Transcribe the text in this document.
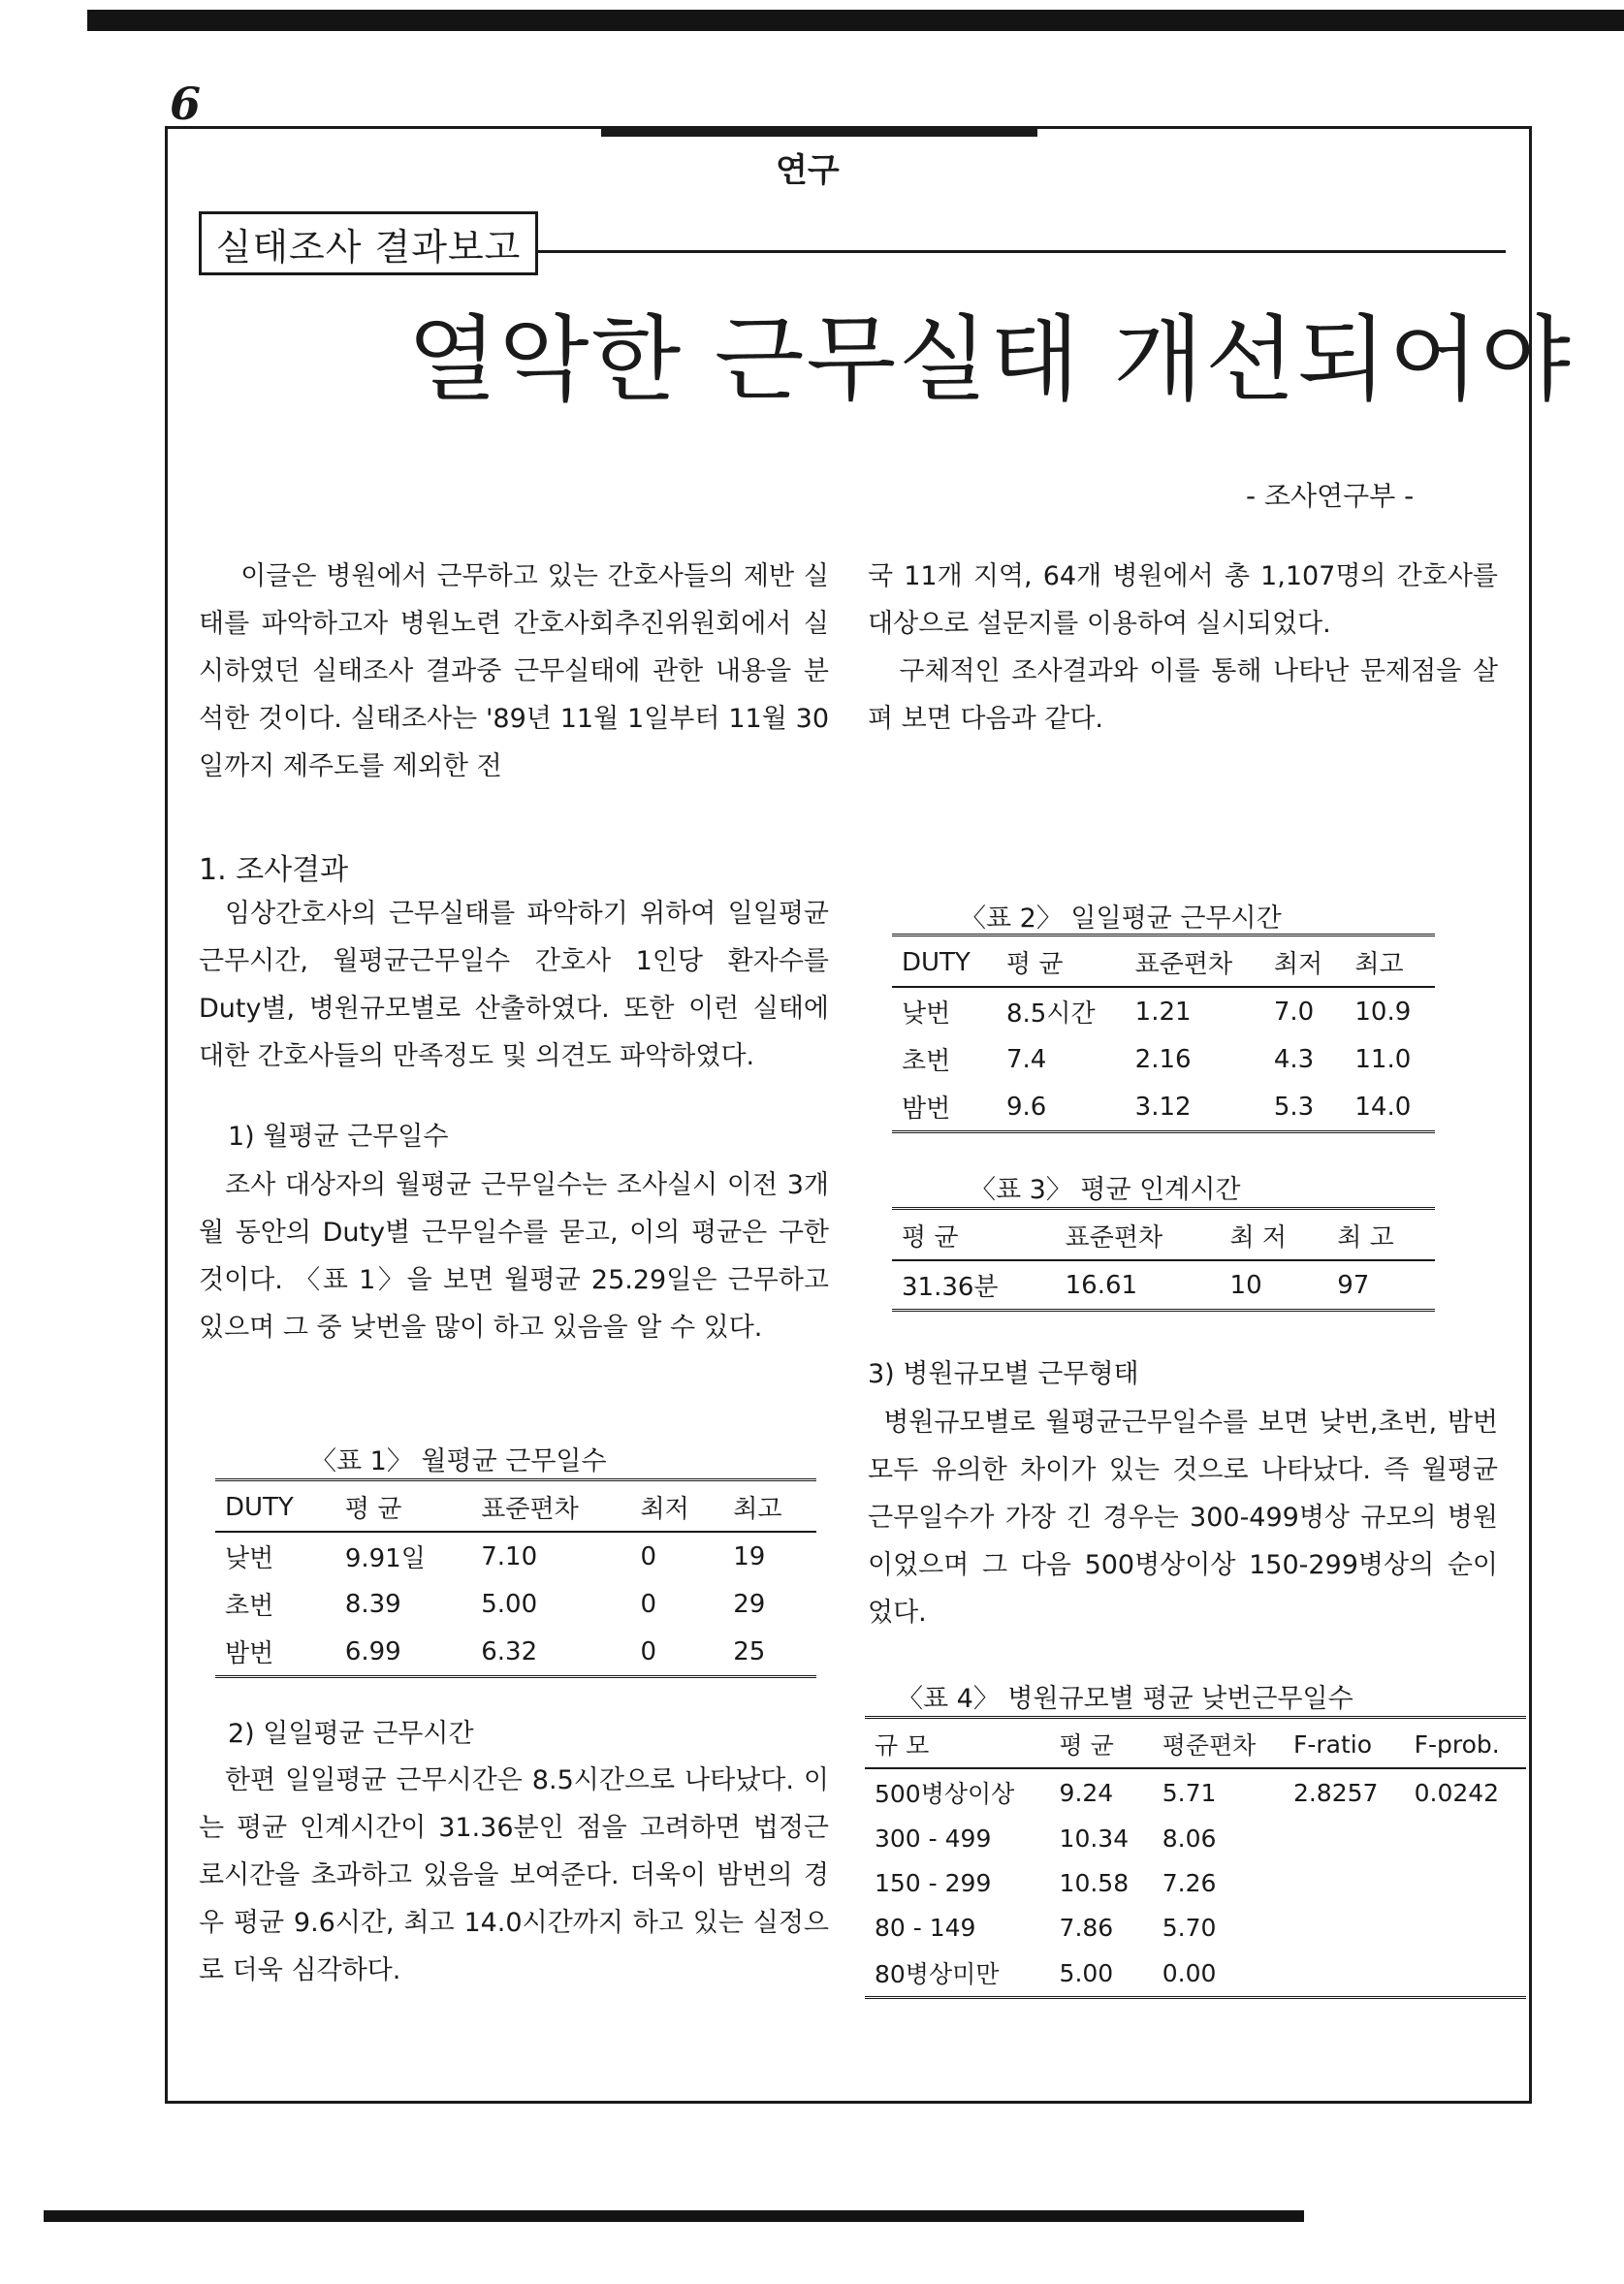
6
연구
실태조사 결과보고
열악한 근무실태 개선되어야
- 조사연구부 -
이글은 병원에서 근무하고 있는 간호사들의 제반 실태를 파악하고자 병원노련 간호사회추진위원회에서 실시하였던 실태조사 결과중 근무실태에 관한 내용을 분석한 것이다. 실태조사는 '89년 11월 1일부터 11월 30일까지 제주도를 제외한 전
국 11개 지역, 64개 병원에서 총 1,107명의 간호사를 대상으로 설문지를 이용하여 실시되었다.
구체적인 조사결과와 이를 통해 나타난 문제점을 살펴 보면 다음과 같다.
1. 조사결과
임상간호사의 근무실태를 파악하기 위하여 일일평균 근무시간, 월평균근무일수 간호사 1인당 환자수를 Duty별, 병원규모별로 산출하였다. 또한 이런 실태에 대한 간호사들의 만족정도 및 의견도 파악하였다.
1) 월평균 근무일수
조사 대상자의 월평균 근무일수는 조사실시 이전 3개월 동안의 Duty별 근무일수를 묻고, 이의 평균은 구한 것이다. 〈표 1〉을 보면 월평균 25.29일은 근무하고 있으며 그 중 낮번을 많이 하고 있음을 알 수 있다.
〈표 1〉 월평균 근무일수
DUTY	평 균	표준편차	최저	최고
낮번	9.91일	7.10	0	19
초번	8.39	5.00	0	29
밤번	6.99	6.32	0	25
2) 일일평균 근무시간
한편 일일평균 근무시간은 8.5시간으로 나타났다. 이는 평균 인계시간이 31.36분인 점을 고려하면 법정근로시간을 초과하고 있음을 보여준다. 더욱이 밤번의 경우 평균 9.6시간, 최고 14.0시간까지 하고 있는 실정으로 더욱 심각하다.
〈표 2〉 일일평균 근무시간
DUTY	평 균	표준편차	최저	최고
낮번	8.5시간	1.21	7.0	10.9
초번	7.4	2.16	4.3	11.0
밤번	9.6	3.12	5.3	14.0
〈표 3〉 평균 인계시간
평 균	표준편차	최 저	최 고
31.36분	16.61	10	97
3) 병원규모별 근무형태
병원규모별로 월평균근무일수를 보면 낮번,초번, 밤번 모두 유의한 차이가 있는 것으로 나타났다. 즉 월평균 근무일수가 가장 긴 경우는 300-499병상 규모의 병원이었으며 그 다음 500병상이상 150-299병상의 순이었다.
〈표 4〉 병원규모별 평균 낮번근무일수
규 모	평 균	평준편차	F-ratio	F-prob.
500병상이상	9.24	5.71	2.8257	0.0242
300 - 499	10.34	8.06		
150 - 299	10.58	7.26		
80 - 149	7.86	5.70		
80병상미만	5.00	0.00		
